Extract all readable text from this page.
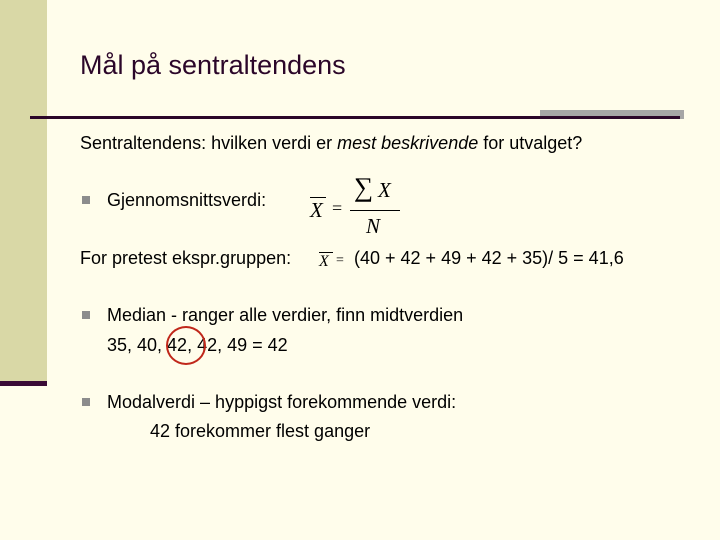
Mål på sentraltendens
Sentraltendens: hvilken verdi er mest beskrivende for utvalget?
Gjennomsnittsverdi: X =
∑ X
N
For pretest ekspr.gruppen: X = (40 + 42 + 49 + 42 + 35)/ 5 = 41,6
Median - ranger alle verdier, finn midtverdien
35, 40, 42, 42, 49 = 42
Modalverdi – hyppigst forekommende verdi:
42 forekommer flest ganger
